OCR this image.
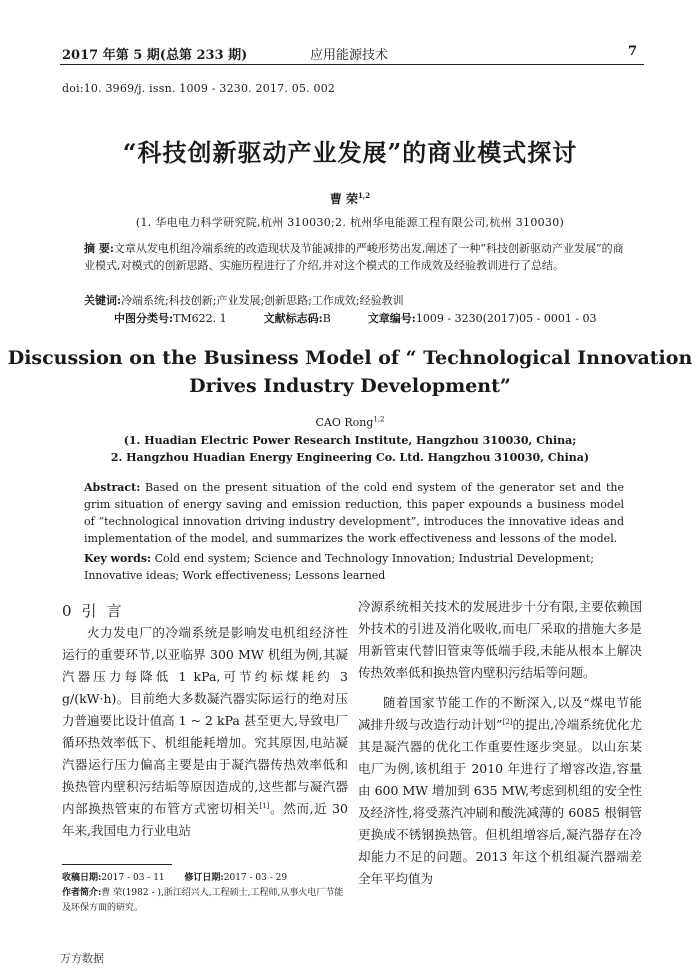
2017 年第 5 期(总第 233 期)	应用能源技术	7
doi:10. 3969/j. issn. 1009 - 3230. 2017. 05. 002
“科技创新驱动产业发展”的商业模式探讨
曹 荣$^{1,2}$
(1. 华电电力科学研究院,杭州 310030;2. 杭州华电能源工程有限公司,杭州 310030)
摘 要:文章从发电机组冷端系统的改造现状及节能减排的严峻形势出发,阐述了一种“科技创新驱动产业发展”的商业模式,对模式的创新思路、实施历程进行了介绍,并对这个模式的工作成效及经验教训进行了总结。
关键词:冷端系统;科技创新;产业发展;创新思路;工作成效;经验教训
中图分类号:TM622. 1	文献标志码:B	文章编号:1009 - 3230(2017)05 - 0001 - 03
Discussion on the Business Model of “ Technological Innovation
Drives Industry Development”
CAO Rong$^{1,2}$
(1. Huadian Electric Power Research Institute, Hangzhou 310030, China;
2. Hangzhou Huadian Energy Engineering Co. Ltd. Hangzhou 310030, China)
Abstract: Based on the present situation of the cold end system of the generator set and the grim situation of energy saving and emission reduction, this paper expounds a business model of “technological innovation driving industry development”, introduces the innovative ideas and implementation of the model, and summarizes the work effectiveness and lessons of the model.
Key words: Cold end system; Science and Technology Innovation; Industrial Development; Innovative ideas; Work effectiveness; Lessons learned
0引言

火力发电厂的冷端系统是影响发电机组经济性运行的重要环节,以亚临界 300 MW 机组为例,其凝汽器压力每降低 1 kPa,可节约标煤耗约 3 g/(kW·h)。目前绝大多数凝汽器实际运行的绝对压力普遍要比设计值高 1 ~ 2 kPa 甚至更大,导致电厂循环热效率低下、机组能耗增加。究其原因,电站凝汽器运行压力偏高主要是由于凝汽器传热效率低和换热管内壁积污结垢等原因造成的,这些都与凝汽器内部换热管束的布管方式密切相关[1]。然而,近 30 年来,我国电力行业电站

收稿日期:2017 - 03 - 11 修订日期:2017 - 03 - 29
作者简介:曹 荣(1982 - ),浙江绍兴人,工程硕士,工程师,从事火电厂节能及环保方面的研究。

冷源系统相关技术的发展进步十分有限,主要依赖国外技术的引进及消化吸收,而电厂采取的措施大多是用新管束代替旧管束等低端手段,未能从根本上解决传热效率低和换热管内壁积污结垢等问题。

随着国家节能工作的不断深入,以及“煤电节能减排升级与改造行动计划”[2]的提出,冷端系统优化尤其是凝汽器的优化工作重要性逐步突显。以山东某电厂为例,该机组于 2010 年进行了增容改造,容量由 600 MW 增加到 635 MW,考虑到机组的安全性及经济性,将受蒸汽冲刷和酸洗减薄的 6085 根铜管更换成不锈钢换热管。但机组增容后,凝汽器存在冷却能力不足的问题。2013 年这个机组凝汽器端差全年平均值为

万方数据
